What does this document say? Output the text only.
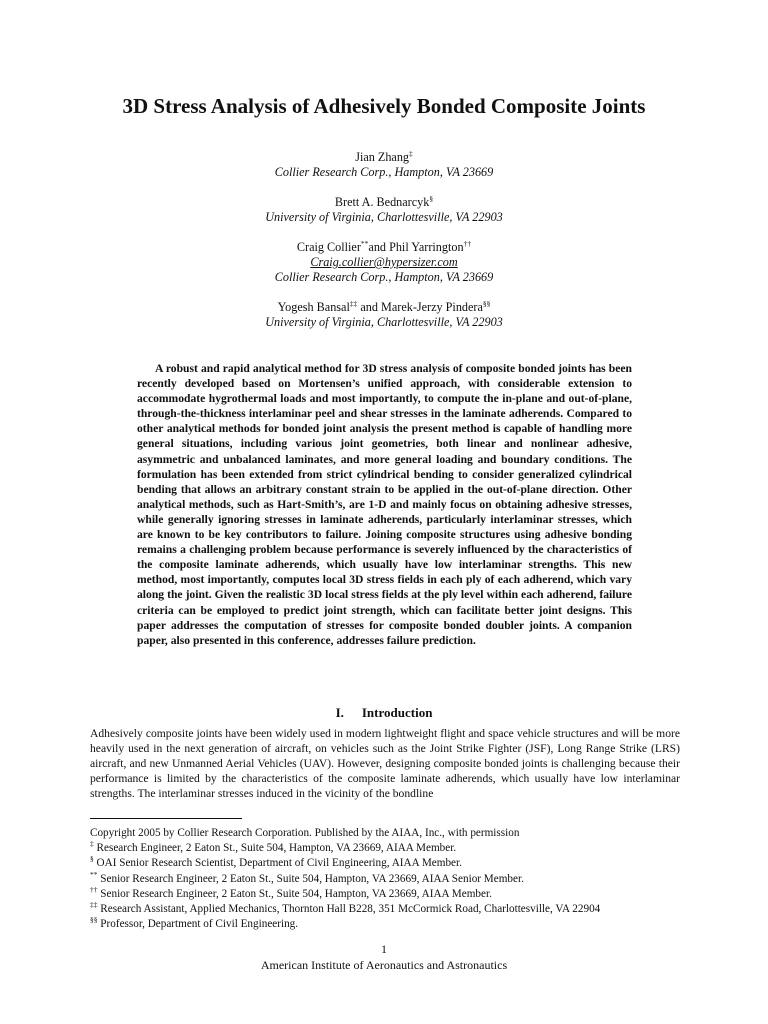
3D Stress Analysis of Adhesively Bonded Composite Joints
Jian Zhang‡
Collier Research Corp., Hampton, VA 23669
Brett A. Bednarcyk§
University of Virginia, Charlottesville, VA 22903
Craig Collier**and Phil Yarrington††
Craig.collier@hypersizer.com
Collier Research Corp., Hampton, VA 23669
Yogesh Bansal‡‡ and Marek-Jerzy Pindera§§
University of Virginia, Charlottesville, VA 22903

A robust and rapid analytical method for 3D stress analysis of composite bonded joints has been recently developed based on Mortensen’s unified approach, with considerable extension to accommodate hygrothermal loads and most importantly, to compute the in-plane and out-of-plane, through-the-thickness interlaminar peel and shear stresses in the laminate adherends. Compared to other analytical methods for bonded joint analysis the present method is capable of handling more general situations, including various joint geometries, both linear and nonlinear adhesive, asymmetric and unbalanced laminates, and more general loading and boundary conditions. The formulation has been extended from strict cylindrical bending to consider generalized cylindrical bending that allows an arbitrary constant strain to be applied in the out-of-plane direction. Other analytical methods, such as Hart-Smith’s, are 1-D and mainly focus on obtaining adhesive stresses, while generally ignoring stresses in laminate adherends, particularly interlaminar stresses, which are known to be key contributors to failure. Joining composite structures using adhesive bonding remains a challenging problem because performance is severely influenced by the characteristics of the composite laminate adherends, which usually have low interlaminar strengths. This new method, most importantly, computes local 3D stress fields in each ply of each adherend, which vary along the joint. Given the realistic 3D local stress fields at the ply level within each adherend, failure criteria can be employed to predict joint strength, which can facilitate better joint designs. This paper addresses the computation of stresses for composite bonded doubler joints. A companion paper, also presented in this conference, addresses failure prediction.

I. Introduction

Adhesively composite joints have been widely used in modern lightweight flight and space vehicle structures and will be more heavily used in the next generation of aircraft, on vehicles such as the Joint Strike Fighter (JSF), Long Range Strike (LRS) aircraft, and new Unmanned Aerial Vehicles (UAV). However, designing composite bonded joints is challenging because their performance is limited by the characteristics of the composite laminate adherends, which usually have low interlaminar strengths. The interlaminar stresses induced in the vicinity of the bondline

Copyright 2005 by Collier Research Corporation. Published by the AIAA, Inc., with permission
‡ Research Engineer, 2 Eaton St., Suite 504, Hampton, VA 23669, AIAA Member.
§ OAI Senior Research Scientist, Department of Civil Engineering, AIAA Member.
** Senior Research Engineer, 2 Eaton St., Suite 504, Hampton, VA 23669, AIAA Senior Member.
†† Senior Research Engineer, 2 Eaton St., Suite 504, Hampton, VA 23669, AIAA Member.
‡‡ Research Assistant, Applied Mechanics, Thornton Hall B228, 351 McCormick Road, Charlottesville, VA 22904
§§ Professor, Department of Civil Engineering.

1

American Institute of Aeronautics and Astronautics
